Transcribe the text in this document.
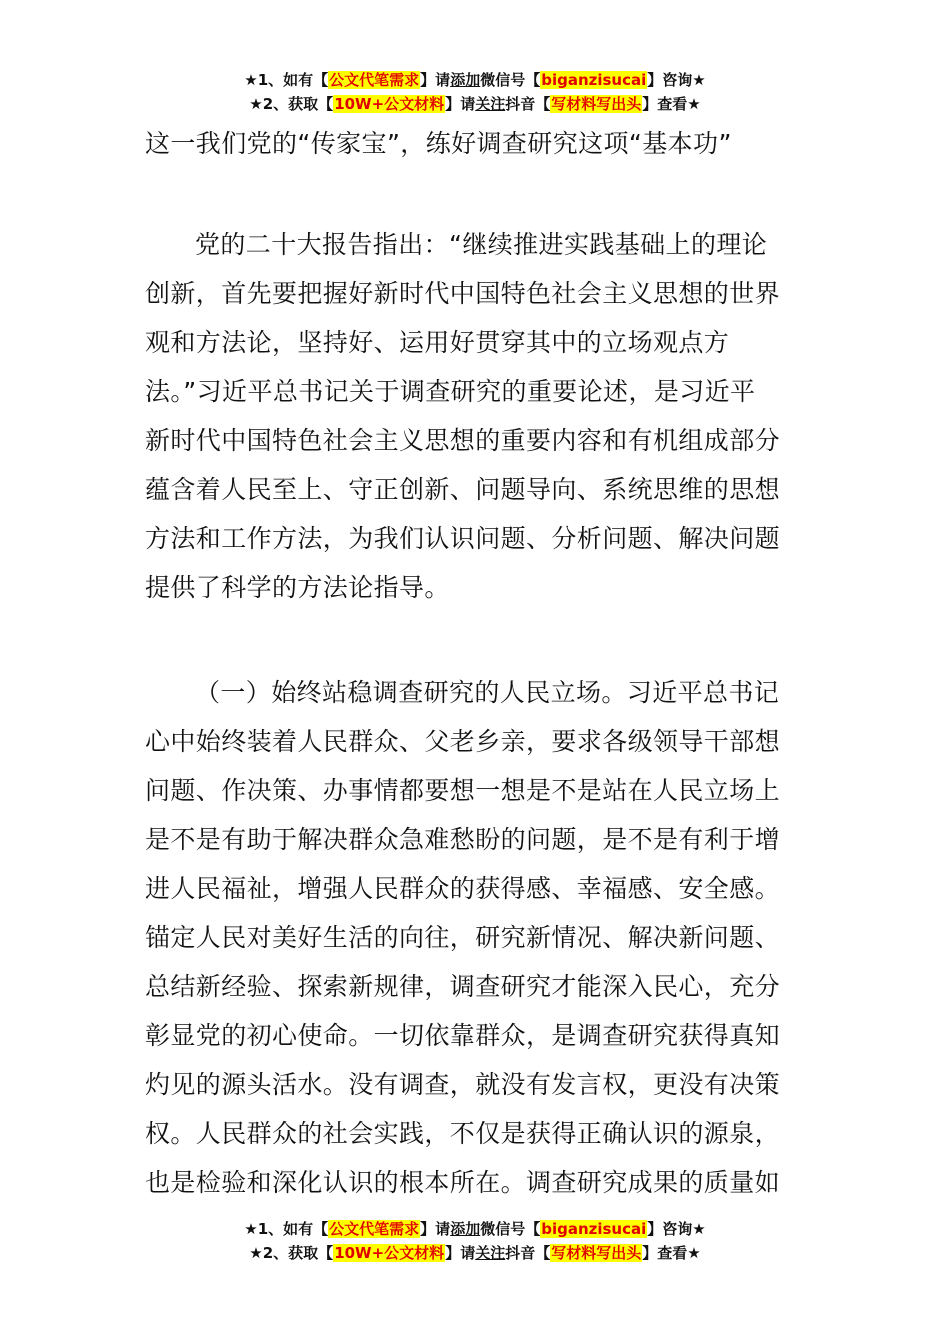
★1、如有【公文代笔需求】请添加微信号【biganzisucai】咨询★
★2、获取【10W+公文材料】请关注抖音【写材料写出头】查看★
这一我们党的“传家宝”，练好调查研究这项“基本功”
党的二十大报告指出：“继续推进实践基础上的理论
创新，首先要把握好新时代中国特色社会主义思想的世界
观和方法论，坚持好、运用好贯穿其中的立场观点方
法。”习近平总书记关于调查研究的重要论述，是习近平
新时代中国特色社会主义思想的重要内容和有机组成部分
蕴含着人民至上、守正创新、问题导向、系统思维的思想
方法和工作方法，为我们认识问题、分析问题、解决问题
提供了科学的方法论指导。
（一）始终站稳调查研究的人民立场。习近平总书记
心中始终装着人民群众、父老乡亲，要求各级领导干部想
问题、作决策、办事情都要想一想是不是站在人民立场上
是不是有助于解决群众急难愁盼的问题，是不是有利于增
进人民福祉，增强人民群众的获得感、幸福感、安全感。
锚定人民对美好生活的向往，研究新情况、解决新问题、
总结新经验、探索新规律，调查研究才能深入民心，充分
彰显党的初心使命。一切依靠群众，是调查研究获得真知
灼见的源头活水。没有调查，就没有发言权，更没有决策
权。人民群众的社会实践，不仅是获得正确认识的源泉，
也是检验和深化认识的根本所在。调查研究成果的质量如
★1、如有【公文代笔需求】请添加微信号【biganzisucai】咨询★
★2、获取【10W+公文材料】请关注抖音【写材料写出头】查看★
